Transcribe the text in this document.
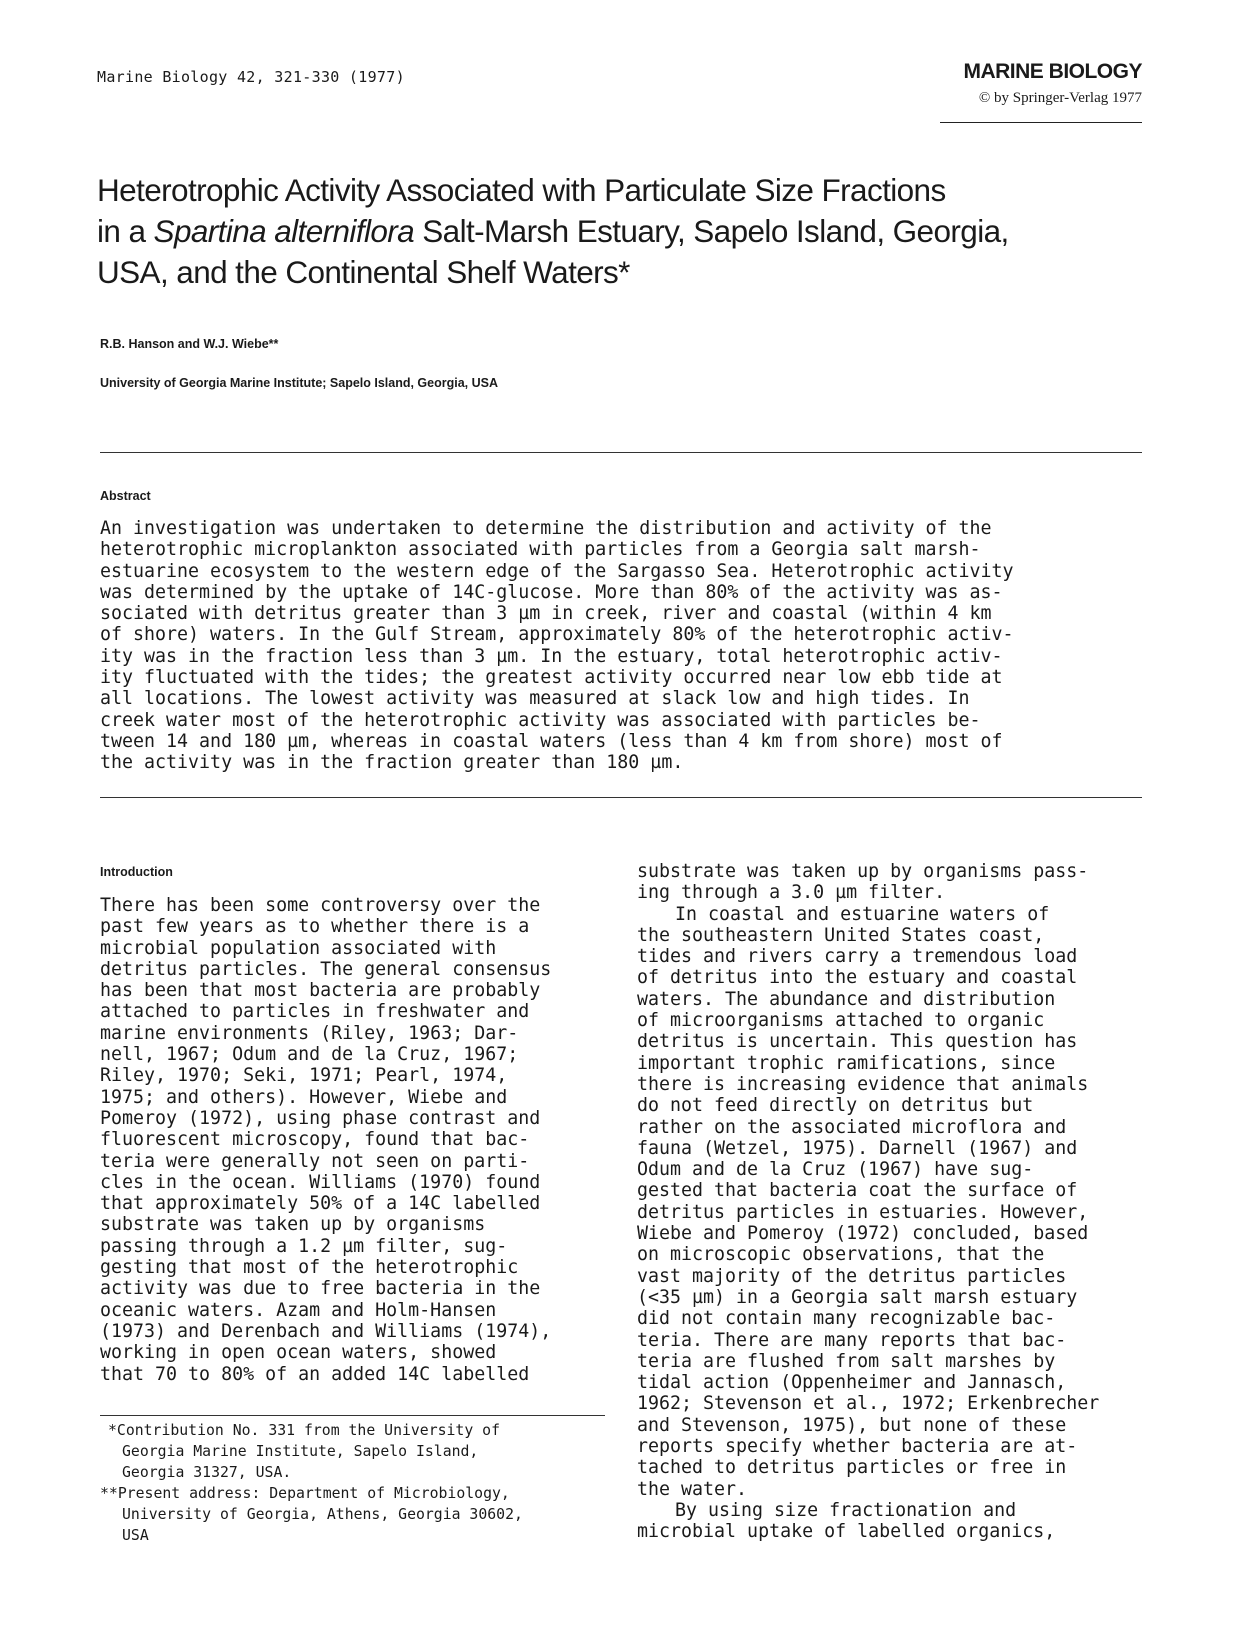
Marine Biology 42, 321-330 (1977)	MARINE BIOLOGY
© by Springer-Verlag 1977
Heterotrophic Activity Associated with Particulate Size Fractions
in a Spartina alterniflora Salt-Marsh Estuary, Sapelo Island, Georgia,
USA, and the Continental Shelf Waters*
R.B. Hanson and W.J. Wiebe**
University of Georgia Marine Institute; Sapelo Island, Georgia, USA
Abstract
An investigation was undertaken to determine the distribution and activity of the
heterotrophic microplankton associated with particles from a Georgia salt marsh-
estuarine ecosystem to the western edge of the Sargasso Sea. Heterotrophic activity
was determined by the uptake of 14C-glucose. More than 80% of the activity was as-
sociated with detritus greater than 3 µm in creek, river and coastal (within 4 km
of shore) waters. In the Gulf Stream, approximately 80% of the heterotrophic activ-
ity was in the fraction less than 3 µm. In the estuary, total heterotrophic activ-
ity fluctuated with the tides; the greatest activity occurred near low ebb tide at
all locations. The lowest activity was measured at slack low and high tides. In
creek water most of the heterotrophic activity was associated with particles be-
tween 14 and 180 µm, whereas in coastal waters (less than 4 km from shore) most of
the activity was in the fraction greater than 180 µm.
Introduction
There has been some controversy over the
past few years as to whether there is a
microbial population associated with
detritus particles. The general consensus
has been that most bacteria are probably
attached to particles in freshwater and
marine environments (Riley, 1963; Dar-
nell, 1967; Odum and de la Cruz, 1967;
Riley, 1970; Seki, 1971; Pearl, 1974,
1975; and others). However, Wiebe and
Pomeroy (1972), using phase contrast and
fluorescent microscopy, found that bac-
teria were generally not seen on parti-
cles in the ocean. Williams (1970) found
that approximately 50% of a 14C labelled
substrate was taken up by organisms
passing through a 1.2 µm filter, sug-
gesting that most of the heterotrophic
activity was due to free bacteria in the
oceanic waters. Azam and Holm-Hansen
(1973) and Derenbach and Williams (1974),
working in open ocean waters, showed
that 70 to 80% of an added 14C labelled
substrate was taken up by organisms pass-
ing through a 3.0 µm filter.
In coastal and estuarine waters of
the southeastern United States coast,
tides and rivers carry a tremendous load
of detritus into the estuary and coastal
waters. The abundance and distribution
of microorganisms attached to organic
detritus is uncertain. This question has
important trophic ramifications, since
there is increasing evidence that animals
do not feed directly on detritus but
rather on the associated microflora and
fauna (Wetzel, 1975). Darnell (1967) and
Odum and de la Cruz (1967) have sug-
gested that bacteria coat the surface of
detritus particles in estuaries. However,
Wiebe and Pomeroy (1972) concluded, based
on microscopic observations, that the
vast majority of the detritus particles
(<35 µm) in a Georgia salt marsh estuary
did not contain many recognizable bac-
teria. There are many reports that bac-
teria are flushed from salt marshes by
tidal action (Oppenheimer and Jannasch,
1962; Stevenson et al., 1972; Erkenbrecher
and Stevenson, 1975), but none of these
reports specify whether bacteria are at-
tached to detritus particles or free in
the water.
By using size fractionation and
microbial uptake of labelled organics,
*Contribution No. 331 from the University of
Georgia Marine Institute, Sapelo Island,
Georgia 31327, USA.
**Present address: Department of Microbiology,
University of Georgia, Athens, Georgia 30602,
USA
